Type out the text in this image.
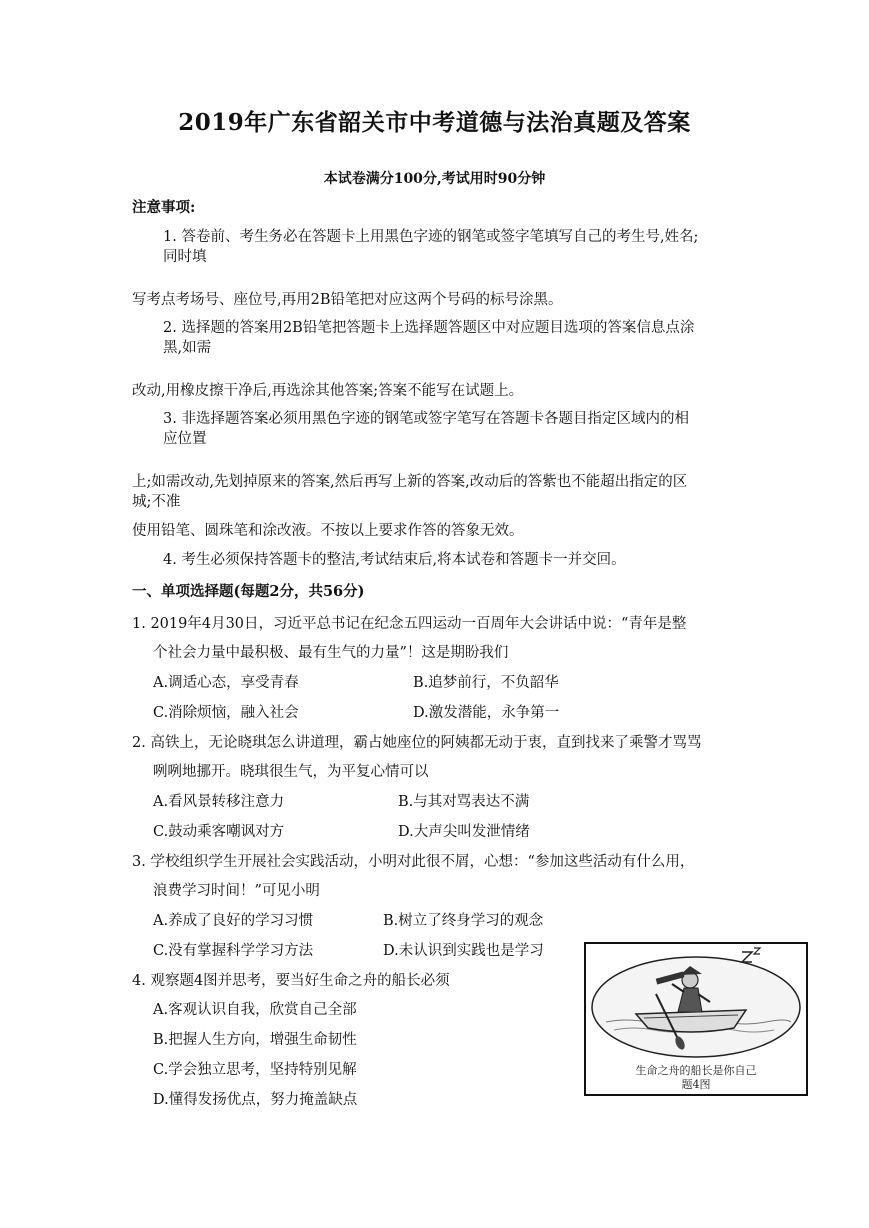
2019年广东省韶关市中考道德与法治真题及答案
本试卷满分100分,考试用时90分钟
注意事项:
1. 答卷前、考生务必在答题卡上用黑色字迹的钢笔或签字笔填写自己的考生号,姓名;
同时填
写考点考场号、座位号,再用2B铅笔把对应这两个号码的标号涂黑。
2. 选择题的答案用2B铅笔把答题卡上选择题答题区中对应题目选项的答案信息点涂
黑,如需
改动,用橡皮擦干净后,再选涂其他答案;答案不能写在试题上。
3. 非选择题答案必须用黑色字迹的钢笔或签字笔写在答题卡各题目指定区域内的相
应位置
上;如需改动,先划掉原来的答案,然后再写上新的答案,改动后的答紫也不能超出指定的区
城;不准
使用铅笔、圆珠笔和涂改液。不按以上要求作答的答象无效。
4. 考生必须保持答题卡的整洁,考试结束后,将本试卷和答题卡一并交回。
一、单项选择题(每题2分，共56分)
1. 2019年4月30日，习近平总书记在纪念五四运动一百周年大会讲话中说：“青年是整
个社会力量中最积极、最有生气的力量”！这是期盼我们
A.调适心态，享受青春	B.追梦前行，不负韶华
C.消除烦恼，融入社会	D.激发潜能，永争第一
2. 高铁上，无论晓琪怎么讲道理，霸占她座位的阿姨都无动于衷，直到找来了乘警才骂骂
咧咧地挪开。晓琪很生气，为平复心情可以
A.看风景转移注意力	B.与其对骂表达不满
C.鼓动乘客嘲讽对方	D.大声尖叫发泄情绪
3. 学校组织学生开展社会实践活动，小明对此很不屑，心想：“参加这些活动有什么用，
浪费学习时间！”可见小明
A.养成了良好的学习习惯	B.树立了终身学习的观念
C.没有掌握科学学习方法	D.未认识到实践也是学习
4. 观察题4图并思考，要当好生命之舟的船长必须
A.客观认识自我，欣赏自己全部
B.把握人生方向，增强生命韧性
C.学会独立思考，坚持特别见解
D.懂得发扬优点，努力掩盖缺点
生命之舟的船长是你自己
题4图
